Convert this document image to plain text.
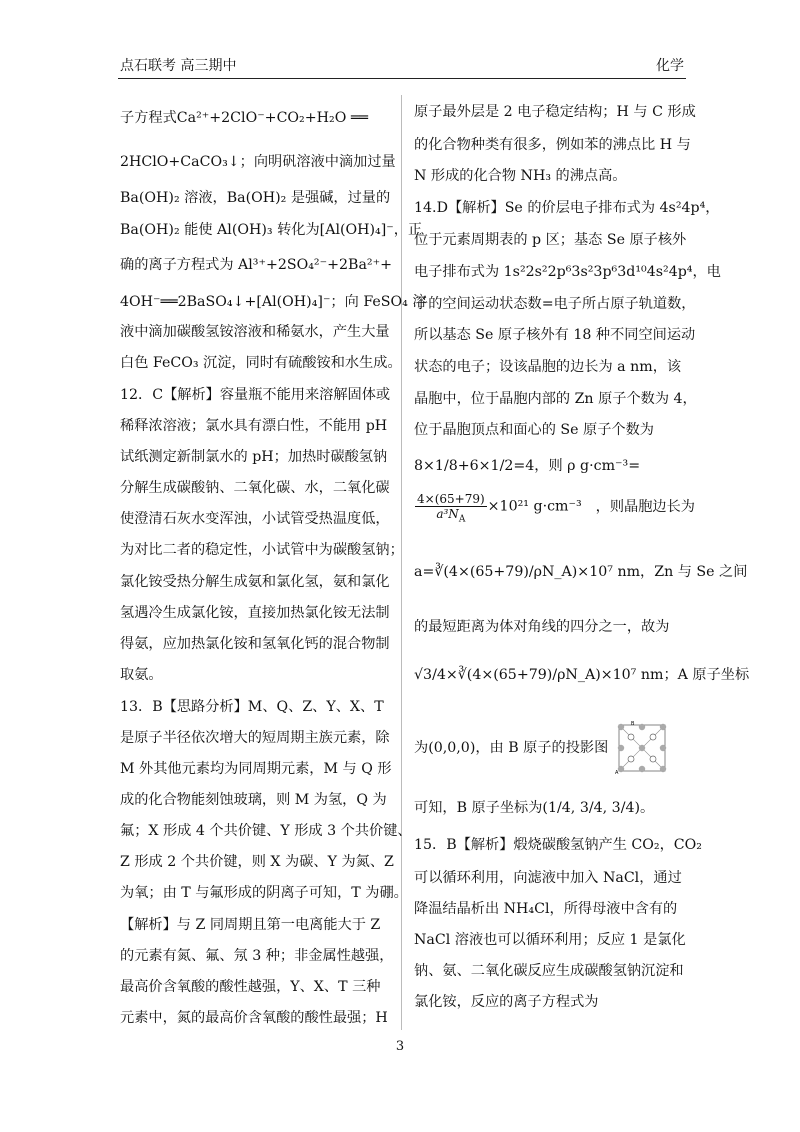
点石联考 高三期中	化学
子方程式Ca²⁺+2ClO⁻+CO₂+H₂O ══
2HClO+CaCO₃↓；向明矾溶液中滴加过量
Ba(OH)₂ 溶液，Ba(OH)₂ 是强碱，过量的
Ba(OH)₂ 能使 Al(OH)₃ 转化为[Al(OH)₄]⁻，正
确的离子方程式为 Al³⁺+2SO₄²⁻+2Ba²⁺+
4OH⁻══2BaSO₄↓+[Al(OH)₄]⁻；向 FeSO₄ 溶
液中滴加碳酸氢铵溶液和稀氨水，产生大量
白色 FeCO₃ 沉淀，同时有硫酸铵和水生成。
12．C【解析】容量瓶不能用来溶解固体或
稀释浓溶液；氯水具有漂白性，不能用 pH
试纸测定新制氯水的 pH；加热时碳酸氢钠
分解生成碳酸钠、二氧化碳、水，二氧化碳
使澄清石灰水变浑浊，小试管受热温度低，
为对比二者的稳定性，小试管中为碳酸氢钠；
氯化铵受热分解生成氨和氯化氢，氨和氯化
氢遇冷生成氯化铵，直接加热氯化铵无法制
得氨，应加热氯化铵和氢氧化钙的混合物制
取氨。
13．B【思路分析】M、Q、Z、Y、X、T
是原子半径依次增大的短周期主族元素，除
M 外其他元素均为同周期元素，M 与 Q 形
成的化合物能刻蚀玻璃，则 M 为氢，Q 为
氟；X 形成 4 个共价键、Y 形成 3 个共价键、
Z 形成 2 个共价键，则 X 为碳、Y 为氮、Z
为氧；由 T 与氟形成的阴离子可知，T 为硼。
【解析】与 Z 同周期且第一电离能大于 Z
的元素有氮、氟、氖 3 种；非金属性越强，
最高价含氧酸的酸性越强，Y、X、T 三种
元素中，氮的最高价含氧酸的酸性最强；H
原子最外层是 2 电子稳定结构；H 与 C 形成
的化合物种类有很多，例如苯的沸点比 H 与
N 形成的化合物 NH₃ 的沸点高。
14.D【解析】Se 的价层电子排布式为 4s²4p⁴，
位于元素周期表的 p 区；基态 Se 原子核外
电子排布式为 1s²2s²2p⁶3s²3p⁶3d¹⁰4s²4p⁴，电
子的空间运动状态数=电子所占原子轨道数，
所以基态 Se 原子核外有 18 种不同空间运动
状态的电子；设该晶胞的边长为 a nm，该
晶胞中，位于晶胞内部的 Zn 原子个数为 4，
位于晶胞顶点和面心的 Se 原子个数为
8×1/8+6×1/2=4，则 ρ g·cm⁻³=
$\frac{4\times(65+79)}{a^3N_A} \times 10^{21}$ g·cm⁻³ ，则晶胞边长为
a=∛(4×(65+79)/ρN_A)×10⁷ nm，Zn 与 Se 之间
的最短距离为体对角线的四分之一，故为
√3/4×∛(4×(65+79)/ρN_A)×10⁷ nm；A 原子坐标
为(0,0,0)，由 B 原子的投影图
B
A
可知，B 原子坐标为(1/4, 3/4, 3/4)。
15．B【解析】煅烧碳酸氢钠产生 CO₂，CO₂
可以循环利用，向滤液中加入 NaCl，通过
降温结晶析出 NH₄Cl，所得母液中含有的
NaCl 溶液也可以循环利用；反应 1 是氯化
钠、氨、二氧化碳反应生成碳酸氢钠沉淀和
氯化铵，反应的离子方程式为
3
